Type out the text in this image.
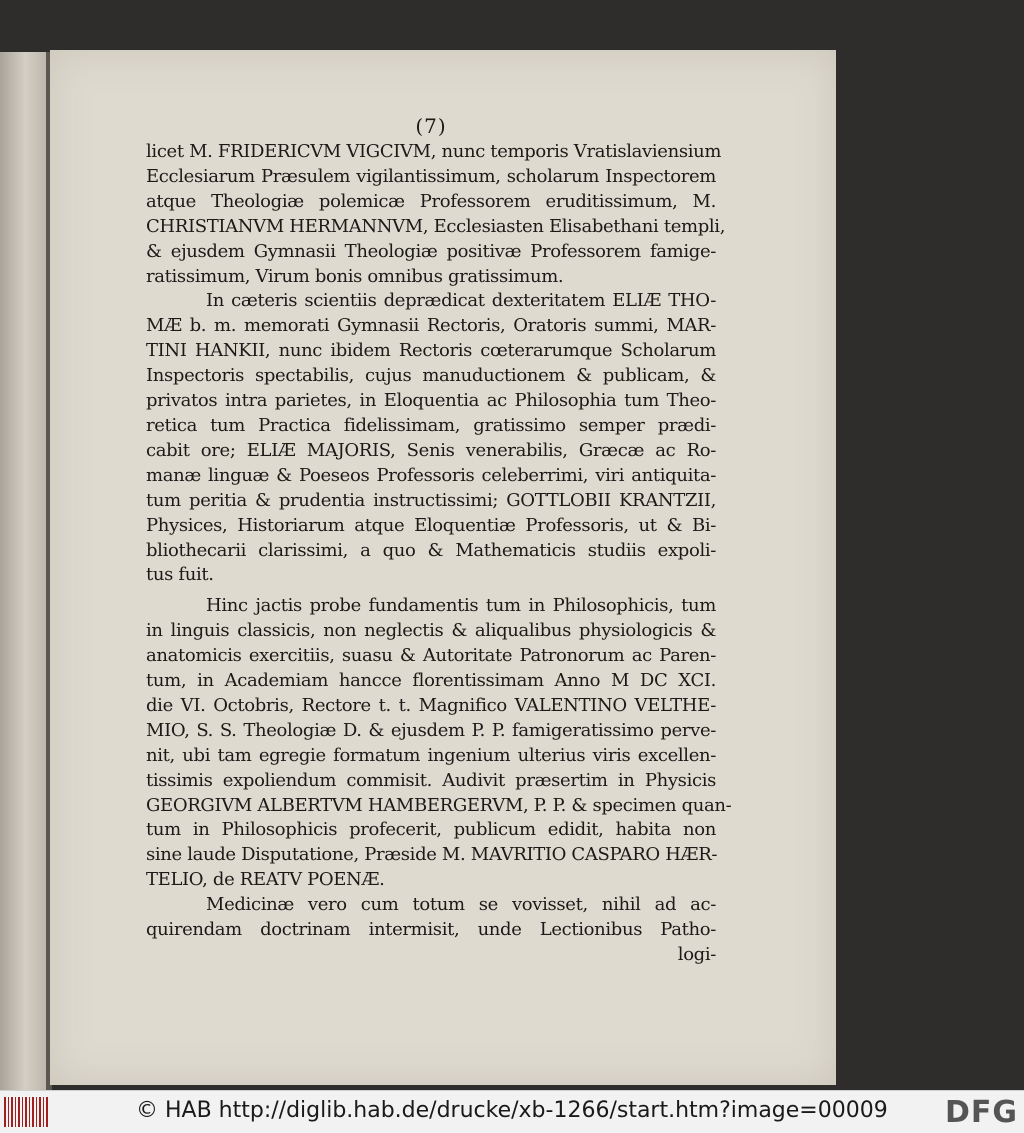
(7)
licet M. FRIDERICVM VIGCIVM, nunc temporis Vratislaviensium
Ecclesiarum Præsulem vigilantissimum, scholarum Inspectorem
atque Theologiæ polemicæ Professorem eruditissimum, M.
CHRISTIANVM HERMANNVM, Ecclesiasten Elisabethani templi,
& ejusdem Gymnasii Theologiæ positivæ Professorem famige-
ratissimum, Virum bonis omnibus gratissimum.
In cæteris scientiis deprædicat dexteritatem ELIÆ THO-
MÆ b. m. memorati Gymnasii Rectoris, Oratoris summi, MAR-
TINI HANKII, nunc ibidem Rectoris cœterarumque Scholarum
Inspectoris spectabilis, cujus manuductionem & publicam, &
privatos intra parietes, in Eloquentia ac Philosophia tum Theo-
retica tum Practica fidelissimam, gratissimo semper prædi-
cabit ore; ELIÆ MAJORIS, Senis venerabilis, Græcæ ac Ro-
manæ linguæ & Poeseos Professoris celeberrimi, viri antiquita-
tum peritia & prudentia instructissimi; GOTTLOBII KRANTZII,
Physices, Historiarum atque Eloquentiæ Professoris, ut & Bi-
bliothecarii clarissimi, a quo & Mathematicis studiis expoli-
tus fuit.
Hinc jactis probe fundamentis tum in Philosophicis, tum
in linguis classicis, non neglectis & aliqualibus physiologicis &
anatomicis exercitiis, suasu & Autoritate Patronorum ac Paren-
tum, in Academiam hancce florentissimam Anno M DC XCI.
die VI. Octobris, Rectore t. t. Magnifico VALENTINO VELTHE-
MIO, S. S. Theologiæ D. & ejusdem P. P. famigeratissimo perve-
nit, ubi tam egregie formatum ingenium ulterius viris excellen-
tissimis expoliendum commisit. Audivit præsertim in Physicis
GEORGIVM ALBERTVM HAMBERGERVM, P. P. & specimen quan-
tum in Philosophicis profecerit, publicum edidit, habita non
sine laude Disputatione, Præside M. MAVRITIO CASPARO HÆR-
TELIO, de REATV POENÆ.
Medicinæ vero cum totum se vovisset, nihil ad ac-
quirendam doctrinam intermisit, unde Lectionibus Patho-
logi-
© HAB http://diglib.hab.de/drucke/xb-1266/start.htm?image=00009 DFG
